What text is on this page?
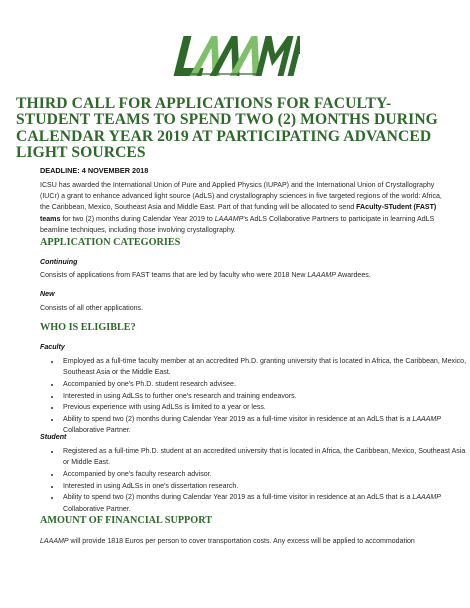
THIRD CALL FOR APPLICATIONS FOR FACULTY-STUDENT TEAMS TO SPEND TWO (2) MONTHS DURING CALENDAR YEAR 2019 AT PARTICIPATING ADVANCED LIGHT SOURCES
DEADLINE: 4 NOVEMBER 2018

ICSU has awarded the International Union of Pure and Applied Physics (IUPAP) and the International Union of Crystallography (IUCr) a grant to enhance advanced light source (AdLS) and crystallography sciences in five targeted regions of the world: Africa, the Caribbean, Mexico, Southeast Asia and Middle East. Part of that funding will be allocated to send FAculty-STudent (FAST) teams for two (2) months during Calendar Year 2019 to LAAAMP's AdLS Collaborative Partners to participate in learning AdLS beamline techniques, including those involving crystallography.

APPLICATION CATEGORIES
Continuing

Consists of applications from FAST teams that are led by faculty who were 2018 New LAAAMP Awardees.

New

Consists of all other applications.

WHO IS ELIGIBLE?
Faculty
• Employed as a full-time faculty member at an accredited Ph.D. granting university that is located in Africa, the Caribbean, Mexico, Southeast Asia or the Middle East.
• Accompanied by one's Ph.D. student research advisee.
• Interested in using AdLSs to further one's research and training endeavors.
• Previous experience with using AdLSs is limited to a year or less.
• Ability to spend two (2) months during Calendar Year 2019 as a full-time visitor in residence at an AdLS that is a LAAAMP Collaborative Partner.
Student
• Registered as a full-time Ph.D. student at an accredited university that is located in Africa, the Caribbean, Mexico, Southeast Asia or Middle East.
• Accompanied by one's faculty research advisor.
• Interested in using AdLSs in one's dissertation research.
• Ability to spend two (2) months during Calendar Year 2019 as a full-time visitor in residence at an AdLS that is a LAAAMP Collaborative Partner.
AMOUNT OF FINANCIAL SUPPORT

LAAAMP will provide 1818 Euros per person to cover transportation costs. Any excess will be applied to accommodation
